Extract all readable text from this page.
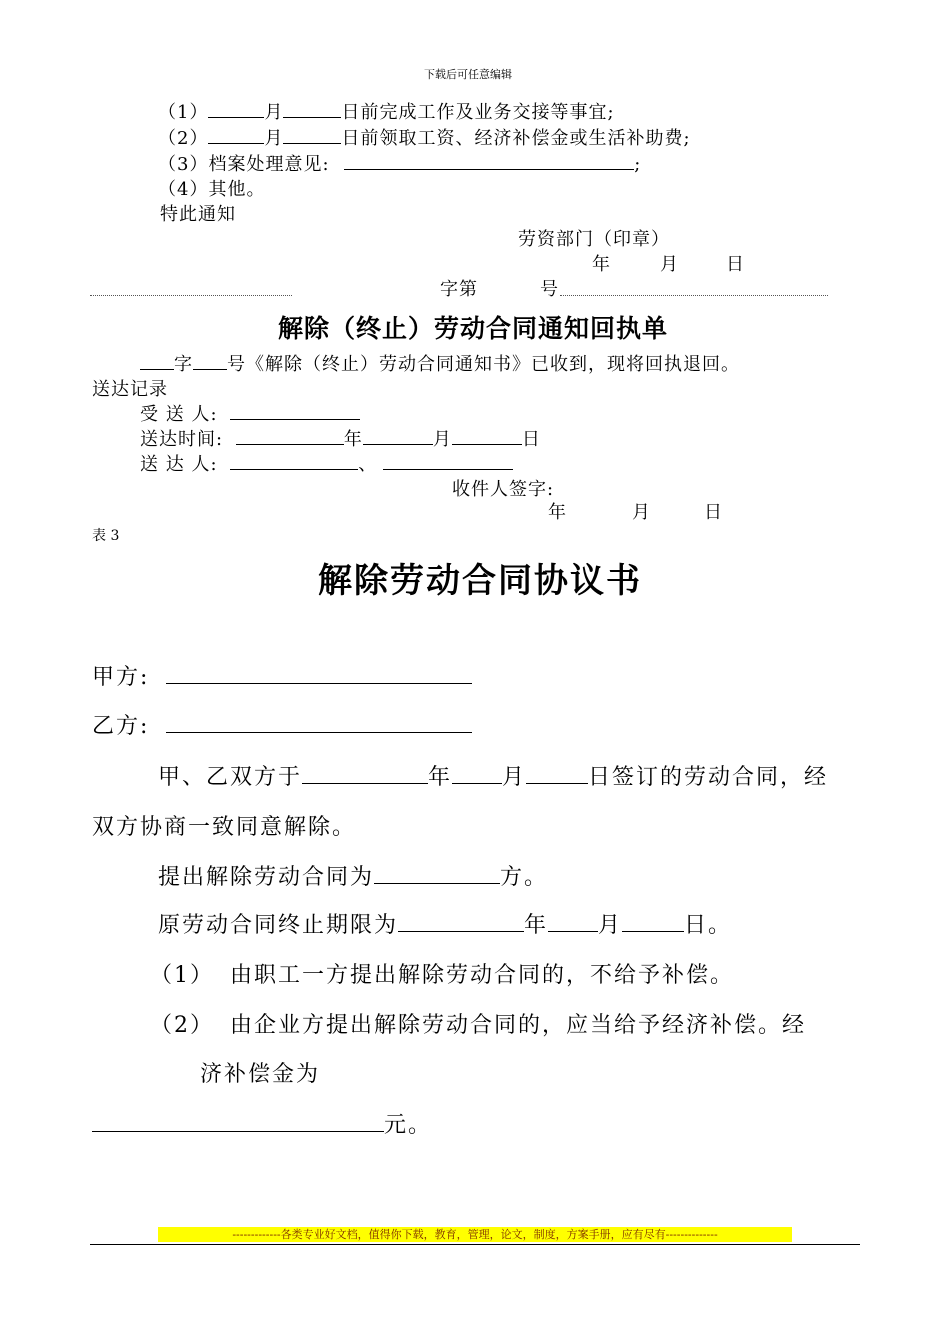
下载后可任意编辑
（1）	月	日前完成工作及业务交接等事宜;
（2）	月	日前领取工资、经济补偿金或生活补助费;
（3）档案处理意见:	;
（4）其他。
特此通知
劳资部门（印章）
年	月	日
字第	号
解除（终止）劳动合同通知回执单
字 号《解除（终止）劳动合同通知书》已收到，现将回执退回。
送达记录
受 送 人:
送达时间:	年	月	日
送 达 人:	、
收件人签字:
年	月	日
表 3
解除劳动合同协议书
甲方:
乙方:
甲、乙双方于	年 月	日签订的劳动合同，经
双方协商一致同意解除。
提出解除劳动合同为	方。
原劳动合同终止期限为	年 月	日。
（1） 由职工一方提出解除劳动合同的，不给予补偿。
（2） 由企业方提出解除劳动合同的，应当给予经济补偿。经
济补偿金为
元。
-------------各类专业好文档，值得你下载，教育，管理，论文，制度，方案手册，应有尽有--------------
